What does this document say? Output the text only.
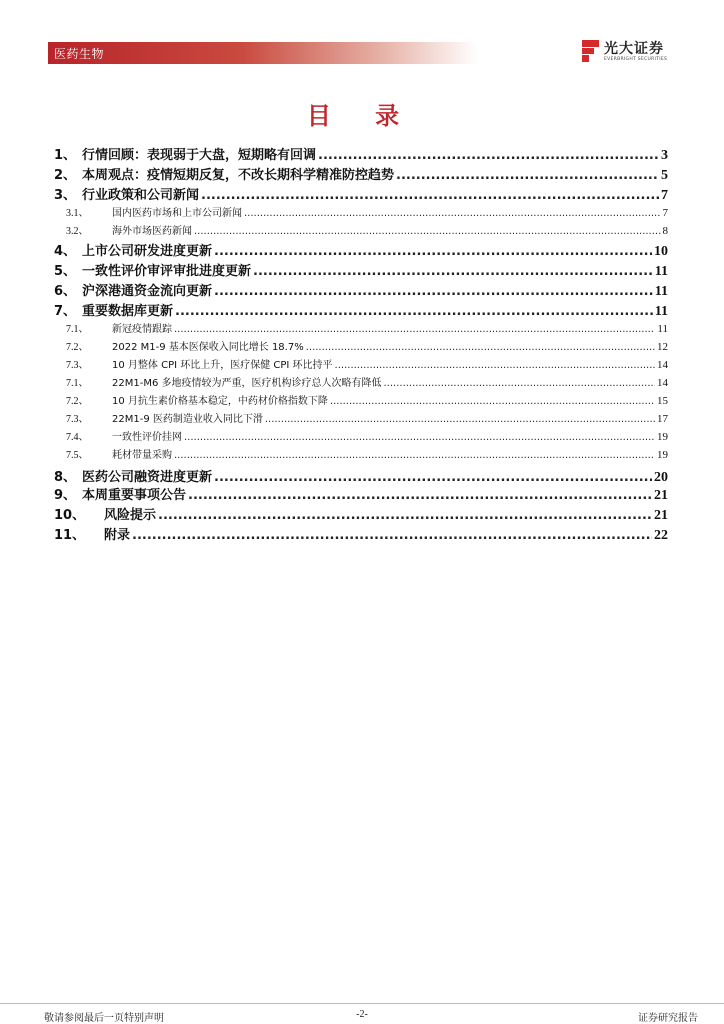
医药生物	光大证券
EVERBRIGHT SECURITIES
目 录
1、 行情回顾：表现弱于大盘，短期略有回调 .....	3
2、 本周观点：疫情短期反复，不改长期科学精准防控趋势 .....	5
3、 行业政策和公司新闻 .....	7
3.1、	国内医药市场和上市公司新闻 .....	7
3.2、	海外市场医药新闻 .....	8
4、 上市公司研发进度更新 .....	10
5、 一致性评价审评审批进度更新 .....	11
6、 沪深港通资金流向更新 .....	11
7、 重要数据库更新 .....	11
7.1、	新冠疫情跟踪 .....	11
7.2、	2022 M1-9 基本医保收入同比增长 18.7% .....	12
7.3、	10 月整体 CPI 环比上升，医疗保健 CPI 环比持平 .....	14
7.1、	22M1-M6 多地疫情较为严重，医疗机构诊疗总人次略有降低 .....	14
7.2、	10 月抗生素价格基本稳定，中药材价格指数下降 .....	15
7.3、	22M1-9 医药制造业收入同比下滑 .....	17
7.4、	一致性评价挂网 .....	19
7.5、	耗材带量采购 .....	19
8、 医药公司融资进度更新 .....	20
9、 本周重要事项公告 .....	21
10、	风险提示 .....	21
11、	附录 .....	22
敬请参阅最后一页特别声明	-2-	证券研究报告
